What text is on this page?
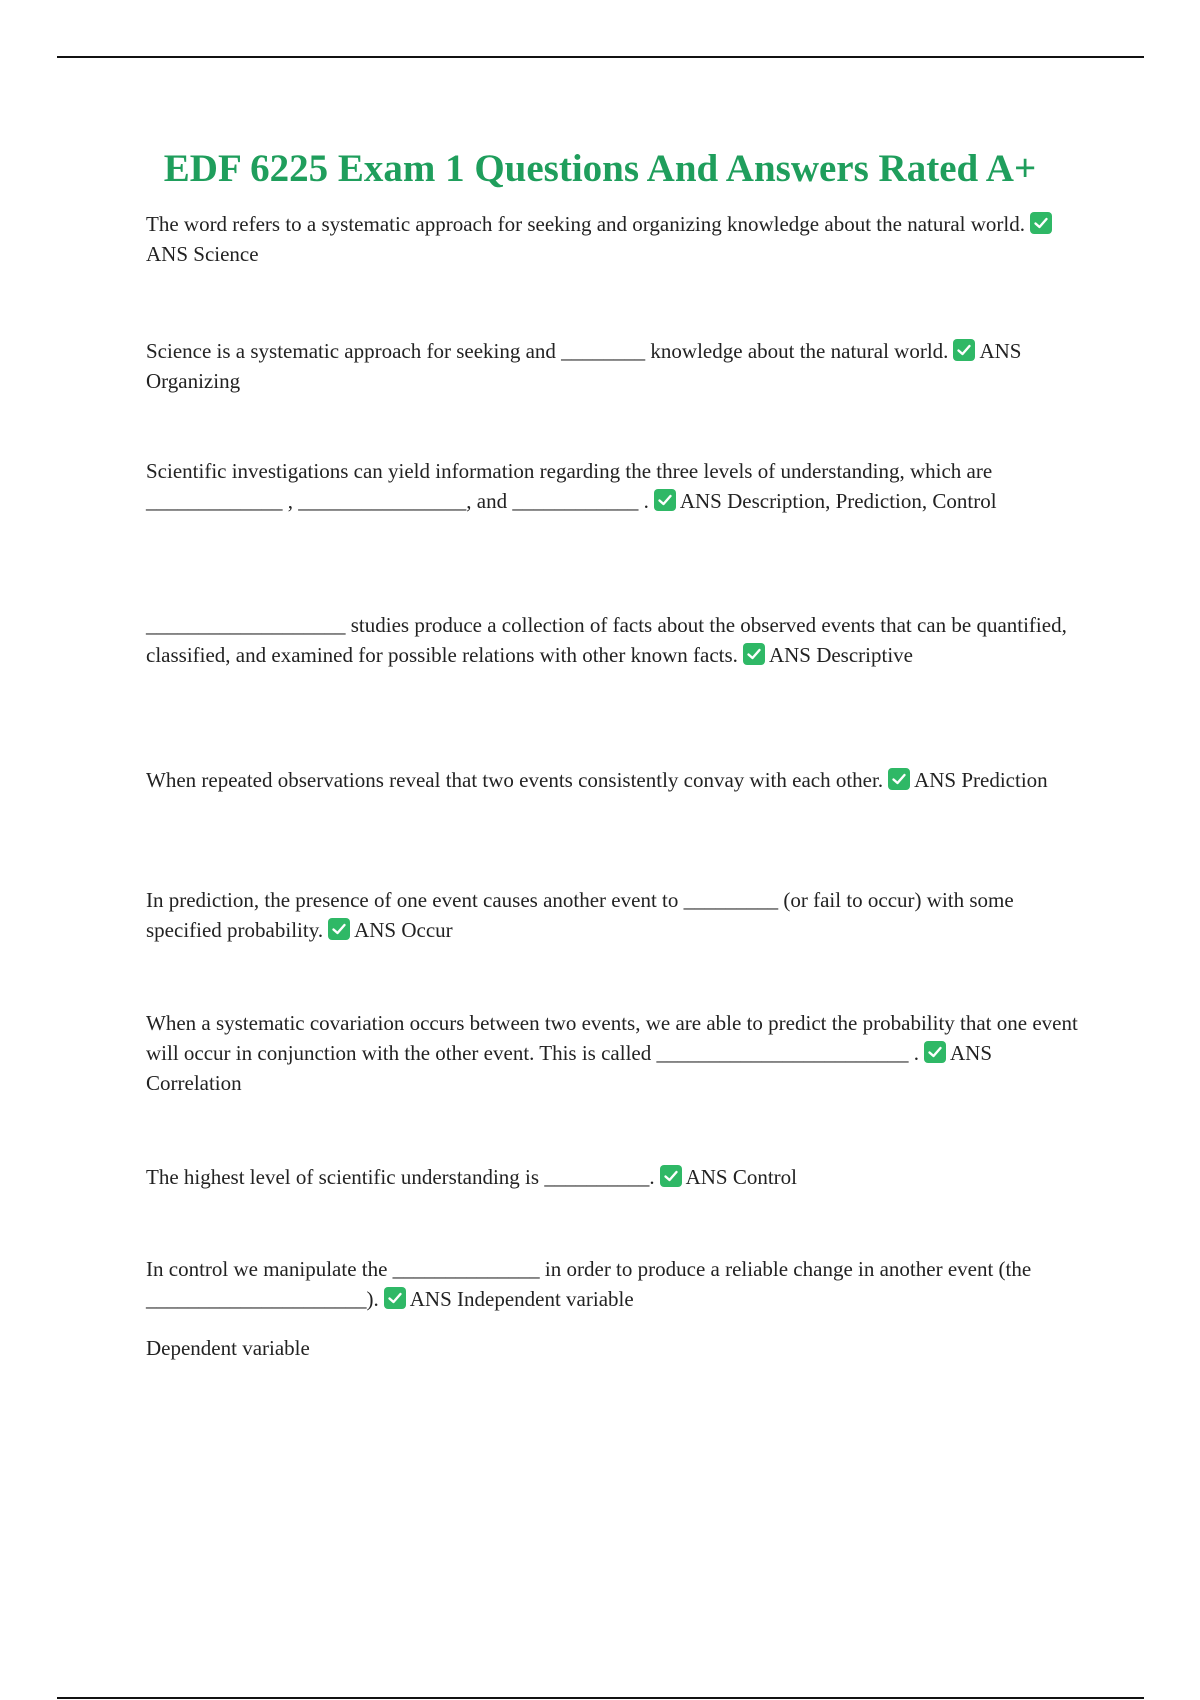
EDF 6225 Exam 1 Questions And Answers Rated A+

The word refers to a systematic approach for seeking and organizing knowledge about the natural world.
ANS Science

Science is a systematic approach for seeking and ________ knowledge about the natural world. ANS Organizing

Scientific investigations can yield information regarding the three levels of understanding, which are _____________ , ________________, and ____________ . ANS Description, Prediction, Control

___________________ studies produce a collection of facts about the observed events that can be quantified, classified, and examined for possible relations with other known facts. ANS Descriptive

When repeated observations reveal that two events consistently convay with each other. ANS Prediction

In prediction, the presence of one event causes another event to _________ (or fail to occur) with some specified probability. ANS Occur

When a systematic covariation occurs between two events, we are able to predict the probability that one event will occur in conjunction with the other event. This is called ________________________ . ANS Correlation

The highest level of scientific understanding is __________. ANS Control

In control we manipulate the ______________ in order to produce a reliable change in another event (the _____________________). ANS Independent variable

Dependent variable
